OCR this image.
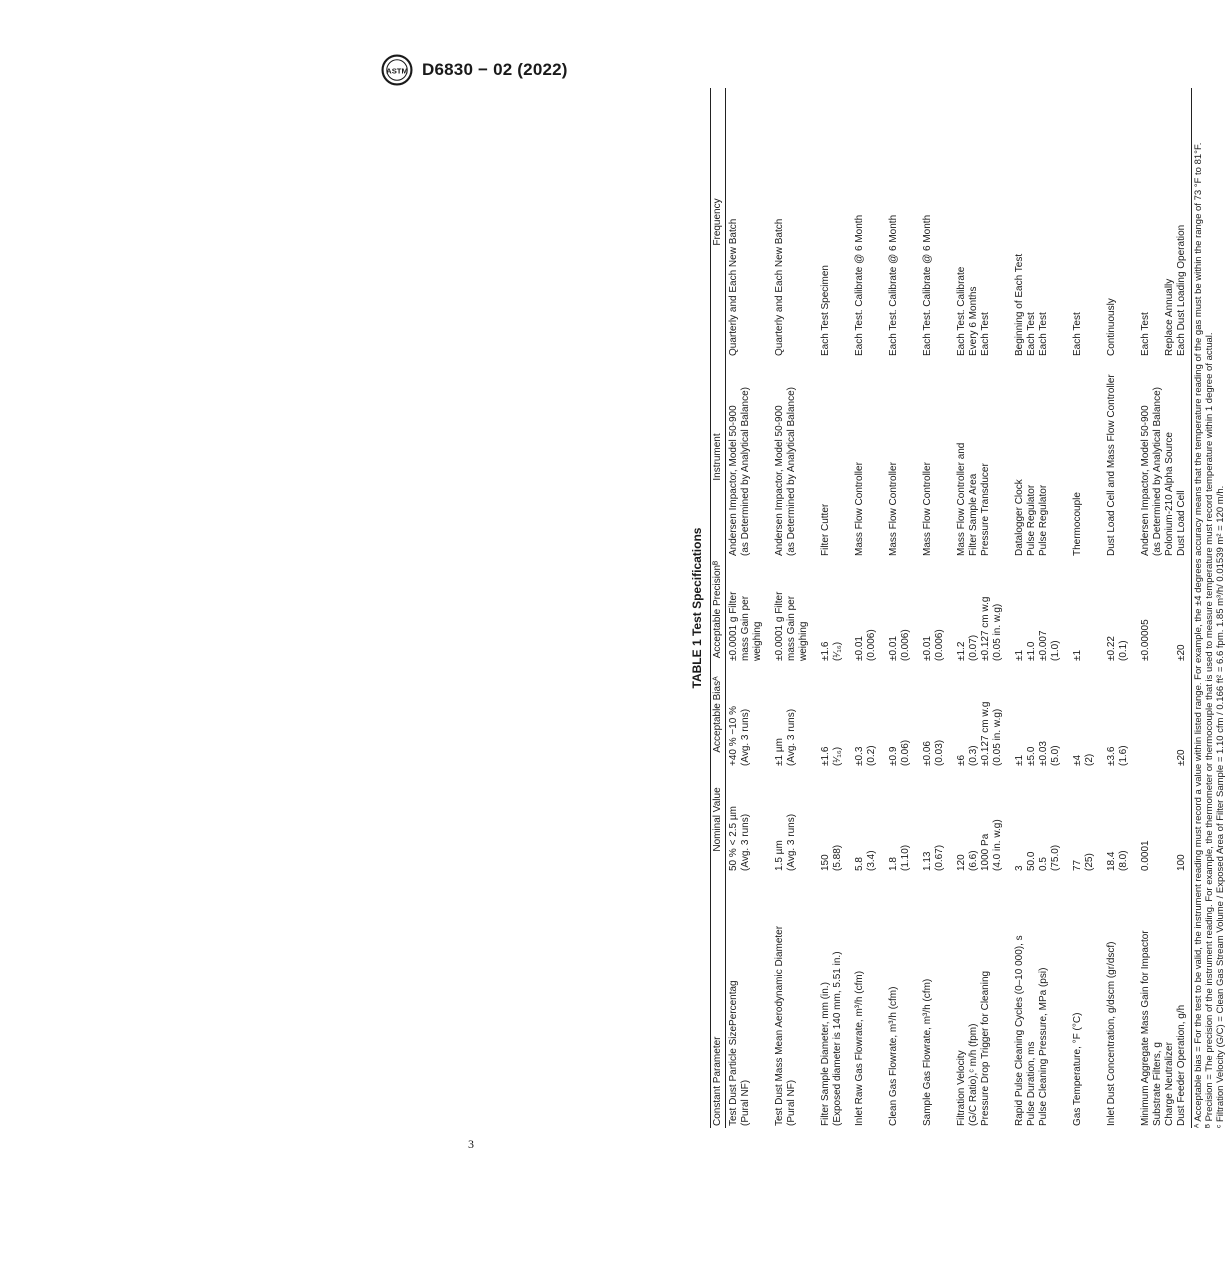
ASTM D6830 − 02 (2022)
TABLE 1 Test Specifications
Constant Parameter
Nominal Value
Acceptable Biasᴬ
Acceptable Precisionᴮ
Instrument
Frequency
Test Dust Particle SizePercentag
(Pural NF)
50 % < 2.5 µm
(Avg. 3 runs)
+40 % −10 %
(Avg. 3 runs)
±0.0001 g Filter
mass Gain per
weighing
Andersen Impactor, Model 50-900
(as Determined by Analytical Balance)
Quarterly and Each New Batch
Test Dust Mass Mean Aerodynamic Diameter
(Pural NF)
1.5 µm
(Avg. 3 runs)
±1 µm
(Avg. 3 runs)
±0.0001 g Filter
mass Gain per
weighing
Andersen Impactor, Model 50-900
(as Determined by Analytical Balance)
Quarterly and Each New Batch
Filter Sample Diameter, mm (in.)
(Exposed diameter is 140 mm, 5.51 in.)
150
(5.88)
±1.6
(¹⁄₁₆)
±1.6
(¹⁄₁₆)
Filter Cutter
Each Test Specimen
Inlet Raw Gas Flowrate, m³/h (cfm)
5.8
(3.4)
±0.3
(0.2)
±0.01
(0.006)
Mass Flow Controller
Each Test. Calibrate @ 6 Month
Clean Gas Flowrate, m³/h (cfm)
1.8
(1.10)
±0.9
(0.06)
±0.01
(0.006)
Mass Flow Controller
Each Test. Calibrate @ 6 Month
Sample Gas Flowrate, m³/h (cfm)
1.13
(0.67)
±0.06
(0.03)
±0.01
(0.006)
Mass Flow Controller
Each Test. Calibrate @ 6 Month
Filtration Velocity
(G/C Ratio),ᶜ m/h (fpm)
Pressure Drop Trigger for Cleaning
120
(6.6)
1000 Pa
(4.0 in. w.g)
±6
(0.3)
±0.127 cm w.g
(0.05 in. w.g)
±1.2
(0.07)
±0.127 cm w.g
(0.05 in. w.g)
Mass Flow Controller and
Filter Sample Area
Pressure Transducer
Each Test. Calibrate
Every 6 Months
Each Test
Rapid Pulse Cleaning Cycles (0–10 000), s
Pulse Duration, ms
Pulse Cleaning Pressure, MPa (psi)
3
50.0
0.5
(75.0)
±1
±5.0
±0.03
(5.0)
±1
±1.0
±0.007
(1.0)
Datalogger Clock
Pulse Regulator
Pulse Regulator
Beginning of Each Test
Each Test
Each Test
Gas Temperature, °F (°C)
77
(25)
±4
(2)
±1
Thermocouple
Each Test
Inlet Dust Concentration, g/dscm (gr/dscf)
18.4
(8.0)
±3.6
(1.6)
±0.22
(0.1)
Dust Load Cell and Mass Flow Controller
Continuously
Minimum Aggregate Mass Gain for Impactor
Substrate Filters, g
Charge Neutralizer
Dust Feeder Operation, g/h
0.0001

100

±20
±0.00005

±20
Andersen Impactor, Model 50-900
(as Determined by Analytical Balance)
Polonium-210 Alpha Source
Dust Load Cell
Each Test

Replace Annually
Each Dust Loading Operation ᴬ Acceptable bias = For the test to be valid, the instrument reading must record a value within listed range. For example, the ±4 degrees accuracy means that the temperature reading of the gas must be within the range of 73 °F to 81°F. ᴮ Precision = The precision of the instrument reading. For example, the thermometer or thermocouple that is used to measure temperature must record temperature within 1 degree of actual. ᶜ Filtration Velocity (G/C) = Clean Gas Stream Volume / Exposed Area of Filter Sample = 1.10 cfm / 0.166 ft² = 6.6 fpm. 1.85 m³/h/ 0.01539 m² = 120 m/h.
3
